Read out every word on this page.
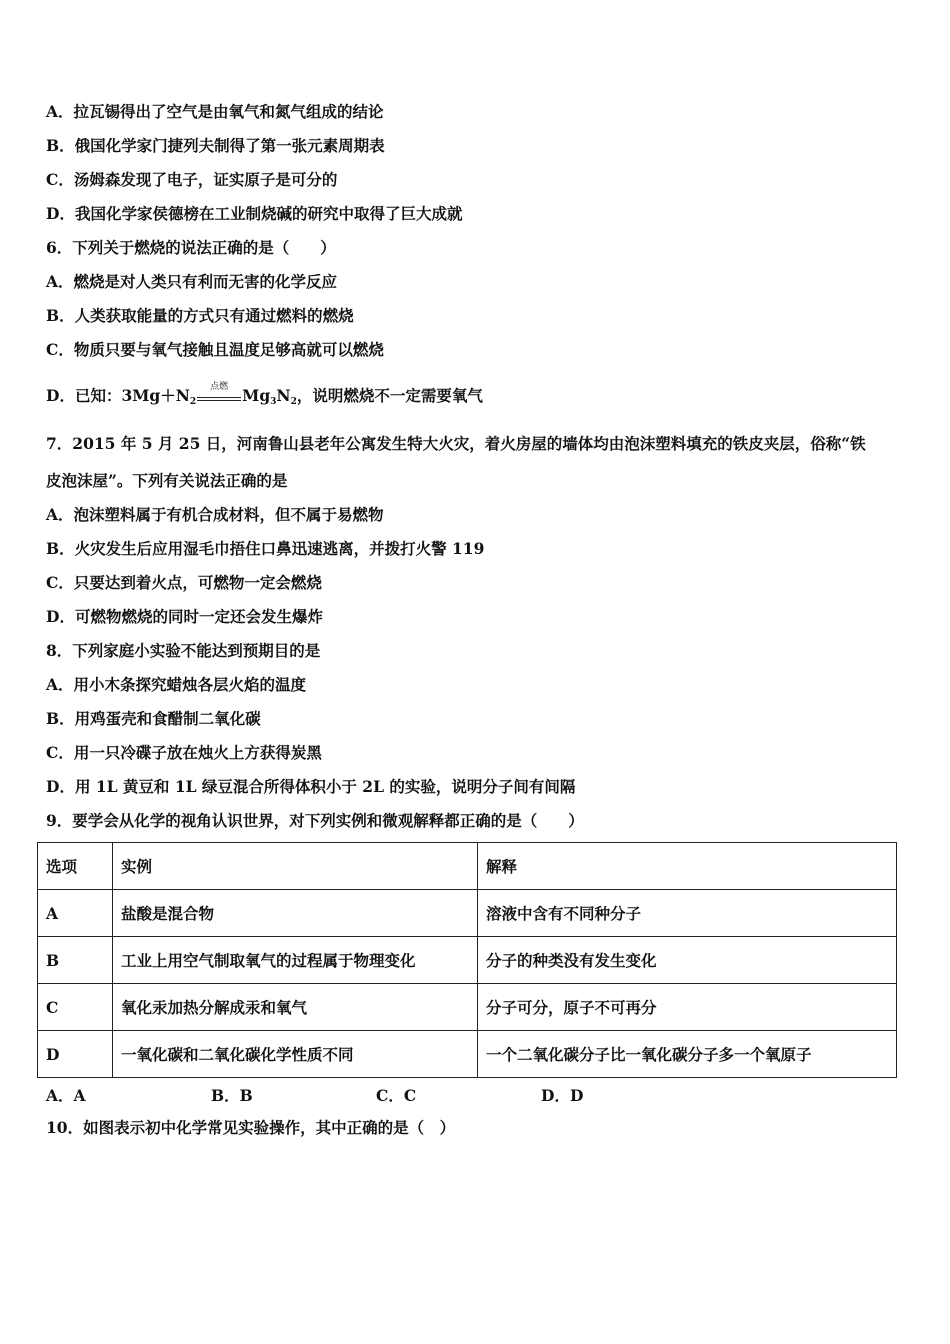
A．拉瓦锡得出了空气是由氧气和氮气组成的结论
B．俄国化学家门捷列夫制得了第一张元素周期表
C．汤姆森发现了电子，证实原子是可分的
D．我国化学家侯德榜在工业制烧碱的研究中取得了巨大成就
6．下列关于燃烧的说法正确的是（　　）
A．燃烧是对人类只有利而无害的化学反应
B．人类获取能量的方式只有通过燃料的燃烧
C．物质只要与氧气接触且温度足够高就可以燃烧
D．已知：$3Mg+N_2$
点燃 $Mg_3N_2$，说明燃烧不一定需要氧气
7．2015 年 5 月 25 日，河南鲁山县老年公寓发生特大火灾，着火房屋的墙体均由泡沫塑料填充的铁皮夹层，俗称“铁
皮泡沫屋”。下列有关说法正确的是
A．泡沫塑料属于有机合成材料，但不属于易燃物
B．火灾发生后应用湿毛巾捂住口鼻迅速逃离，并拨打火警 119
C．只要达到着火点，可燃物一定会燃烧
D．可燃物燃烧的同时一定还会发生爆炸
8．下列家庭小实验不能达到预期目的是
A．用小木条探究蜡烛各层火焰的温度
B．用鸡蛋壳和食醋制二氧化碳
C．用一只冷碟子放在烛火上方获得炭黑
D．用 1L 黄豆和 1L 绿豆混合所得体积小于 2L 的实验，说明分子间有间隔
9．要学会从化学的视角认识世界，对下列实例和微观解释都正确的是（　　）
选项	实例	解释
A	盐酸是混合物	溶液中含有不同种分子
B	工业上用空气制取氧气的过程属于物理变化	分子的种类没有发生变化
C	氧化汞加热分解成汞和氧气	分子可分，原子不可再分
D	一氧化碳和二氧化碳化学性质不同	一个二氧化碳分子比一氧化碳分子多一个氧原子
A．A	B．B	C．C	D．D
10．如图表示初中化学常见实验操作，其中正确的是（　）
